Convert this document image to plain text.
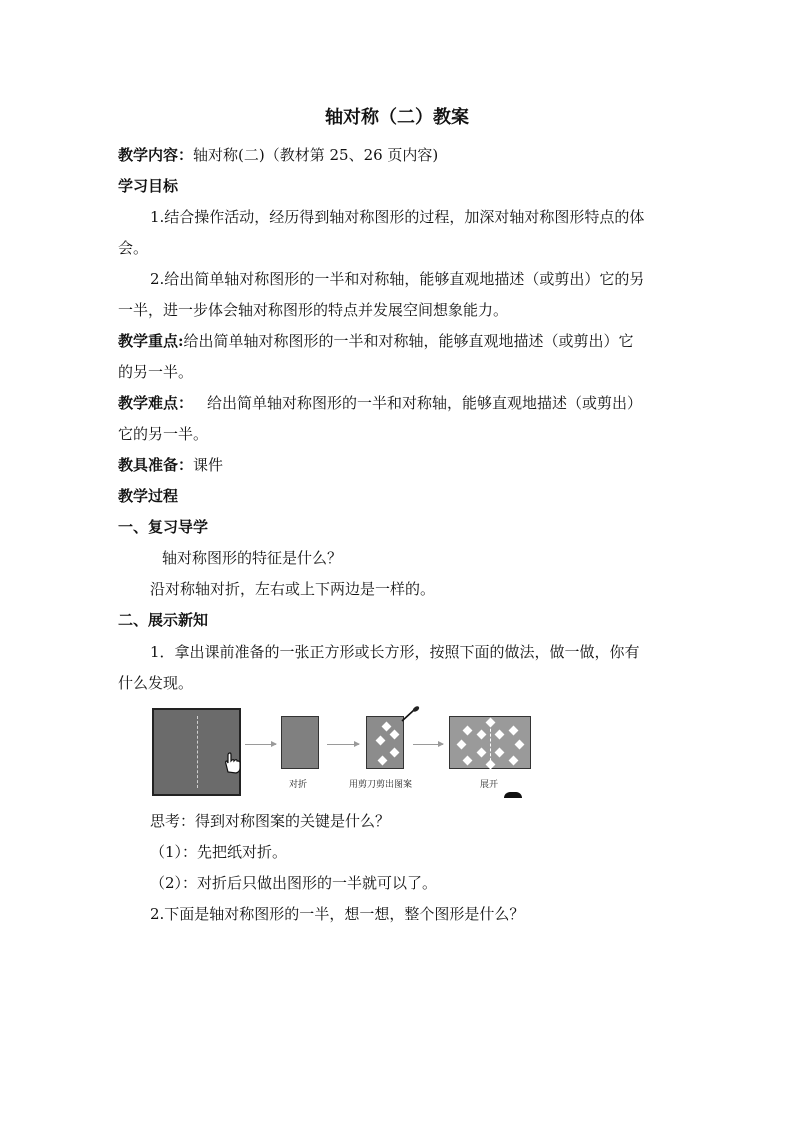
轴对称（二）教案
教学内容：轴对称(二)（教材第 25、26 页内容)
学习目标
1.结合操作活动，经历得到轴对称图形的过程，加深对轴对称图形特点的体
会。
2.给出简单轴对称图形的一半和对称轴，能够直观地描述（或剪出）它的另
一半，进一步体会轴对称图形的特点并发展空间想象能力。
教学重点:给出简单轴对称图形的一半和对称轴，能够直观地描述（或剪出）它
的另一半。
教学难点： 给出简单轴对称图形的一半和对称轴，能够直观地描述（或剪出）
它的另一半。
教具准备：课件
教学过程
一、复习导学
轴对称图形的特征是什么？
沿对称轴对折，左右或上下两边是一样的。
二、展示新知
1．拿出课前准备的一张正方形或长方形，按照下面的做法，做一做，你有
什么发现。
对折	用剪刀剪出图案	展开
思考：得到对称图案的关键是什么？
（1）：先把纸对折。
（2）：对折后只做出图形的一半就可以了。
2.下面是轴对称图形的一半，想一想，整个图形是什么？
